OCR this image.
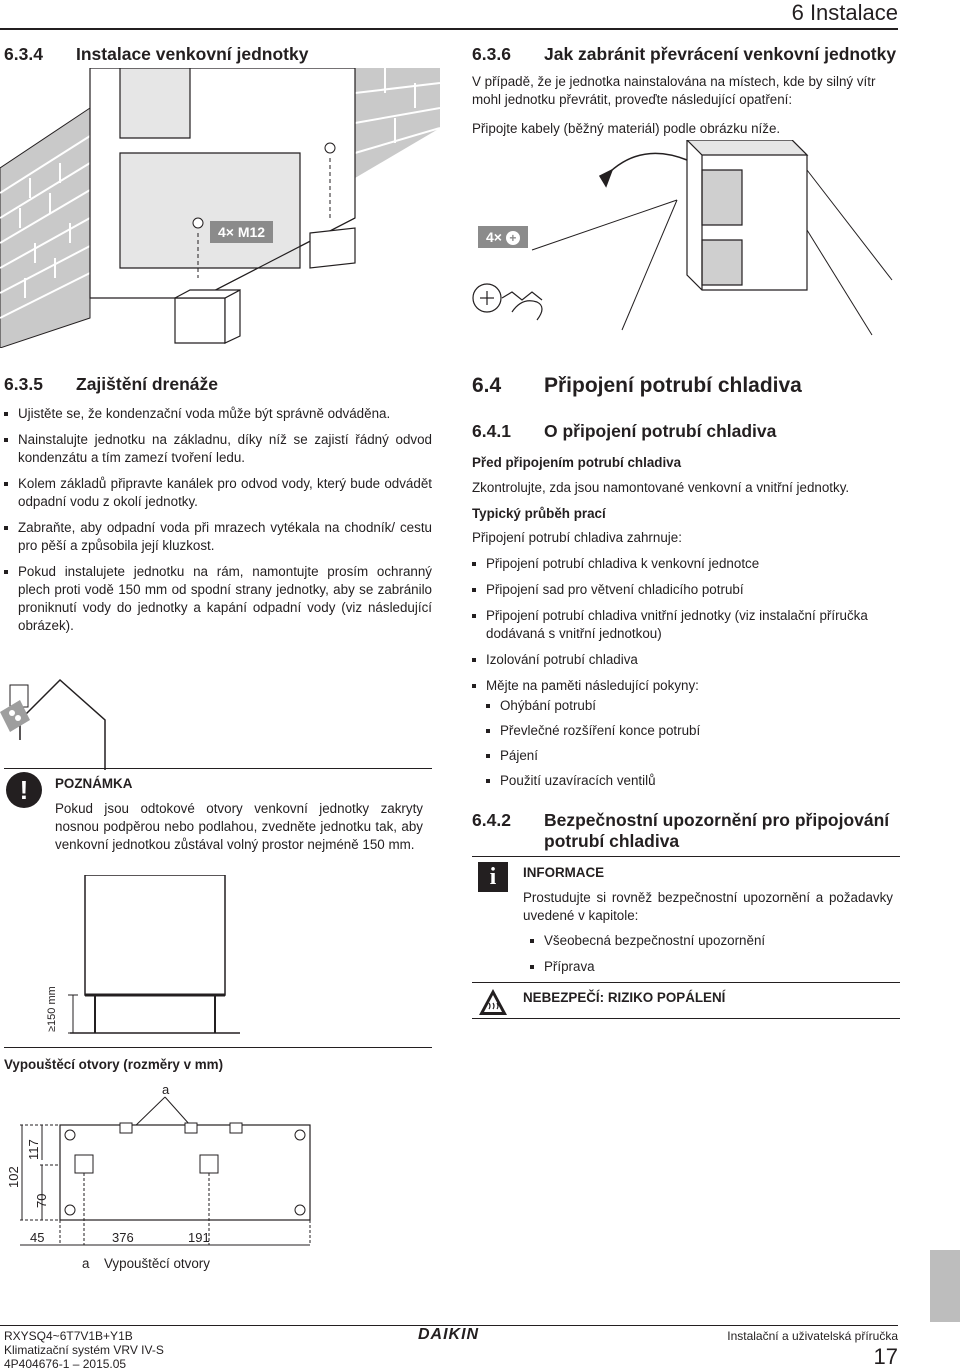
6 Instalace
6.3.4 Instalace venkovní jednotky
4× M12
6.3.6 Jak zabránit převrácení venkovní jednotky
V případě, že je jednotka nainstalována na místech, kde by silný vítr mohl jednotku převrátit, proveďte následující opatření:
Připojte kabely (běžný materiál) podle obrázku níže.
4× +
6.3.5 Zajištění drenáže
Ujistěte se, že kondenzační voda může být správně odváděna.
Nainstalujte jednotku na základnu, díky níž se zajistí řádný odvod kondenzátu a tím zamezí tvoření ledu.
Kolem základů připravte kanálek pro odvod vody, který bude odvádět odpadní vodu z okolí jednotky.
Zabraňte, aby odpadní voda při mrazech vytékala na chodník/ cestu pro pěší a způsobila její kluzkost.
Pokud instalujete jednotku na rám, namontujte prosím ochranný plech proti vodě 150 mm od spodní strany jednotky, aby se zabránilo proniknutí vody do jednotky a kapání odpadní vody (viz následující obrázek).
!	POZNÁMKA
Pokud jsou odtokové otvory venkovní jednotky zakryty nosnou podpěrou nebo podlahou, zvedněte jednotku tak, aby venkovní jednotkou zůstával volný prostor nejméně 150 mm.
≥150 mm
Vypouštěcí otvory (rozměry v mm)
a
117
102
70
45	376	191
a Vypouštěcí otvory
6.4 Připojení potrubí chladiva
6.4.1 O připojení potrubí chladiva
Před připojením potrubí chladiva
Zkontrolujte, zda jsou namontované venkovní a vnitřní jednotky.
Typický průběh prací
Připojení potrubí chladiva zahrnuje:
Připojení potrubí chladiva k venkovní jednotce
Připojení sad pro větvení chladicího potrubí
Připojení potrubí chladiva vnitřní jednotky (viz instalační příručka dodávaná s vnitřní jednotkou)
Izolování potrubí chladiva
Mějte na paměti následující pokyny:
Ohýbání potrubí
Převlečné rozšíření konce potrubí
Pájení
Použití uzavíracích ventilů
6.4.2	Bezpečnostní upozornění pro připojování potrubí chladiva
i	INFORMACE
Prostudujte si rovněž bezpečnostní upozornění a požadavky uvedené v kapitole:
Všeobecná bezpečnostní upozornění
Příprava
NEBEZPEČÍ: RIZIKO POPÁLENÍ
RXYSQ4~6T7V1B+Y1B
Klimatizační systém VRV IV-S
4P404676-1 – 2015.05
DAIKIN	Instalační a uživatelská příručka
17
